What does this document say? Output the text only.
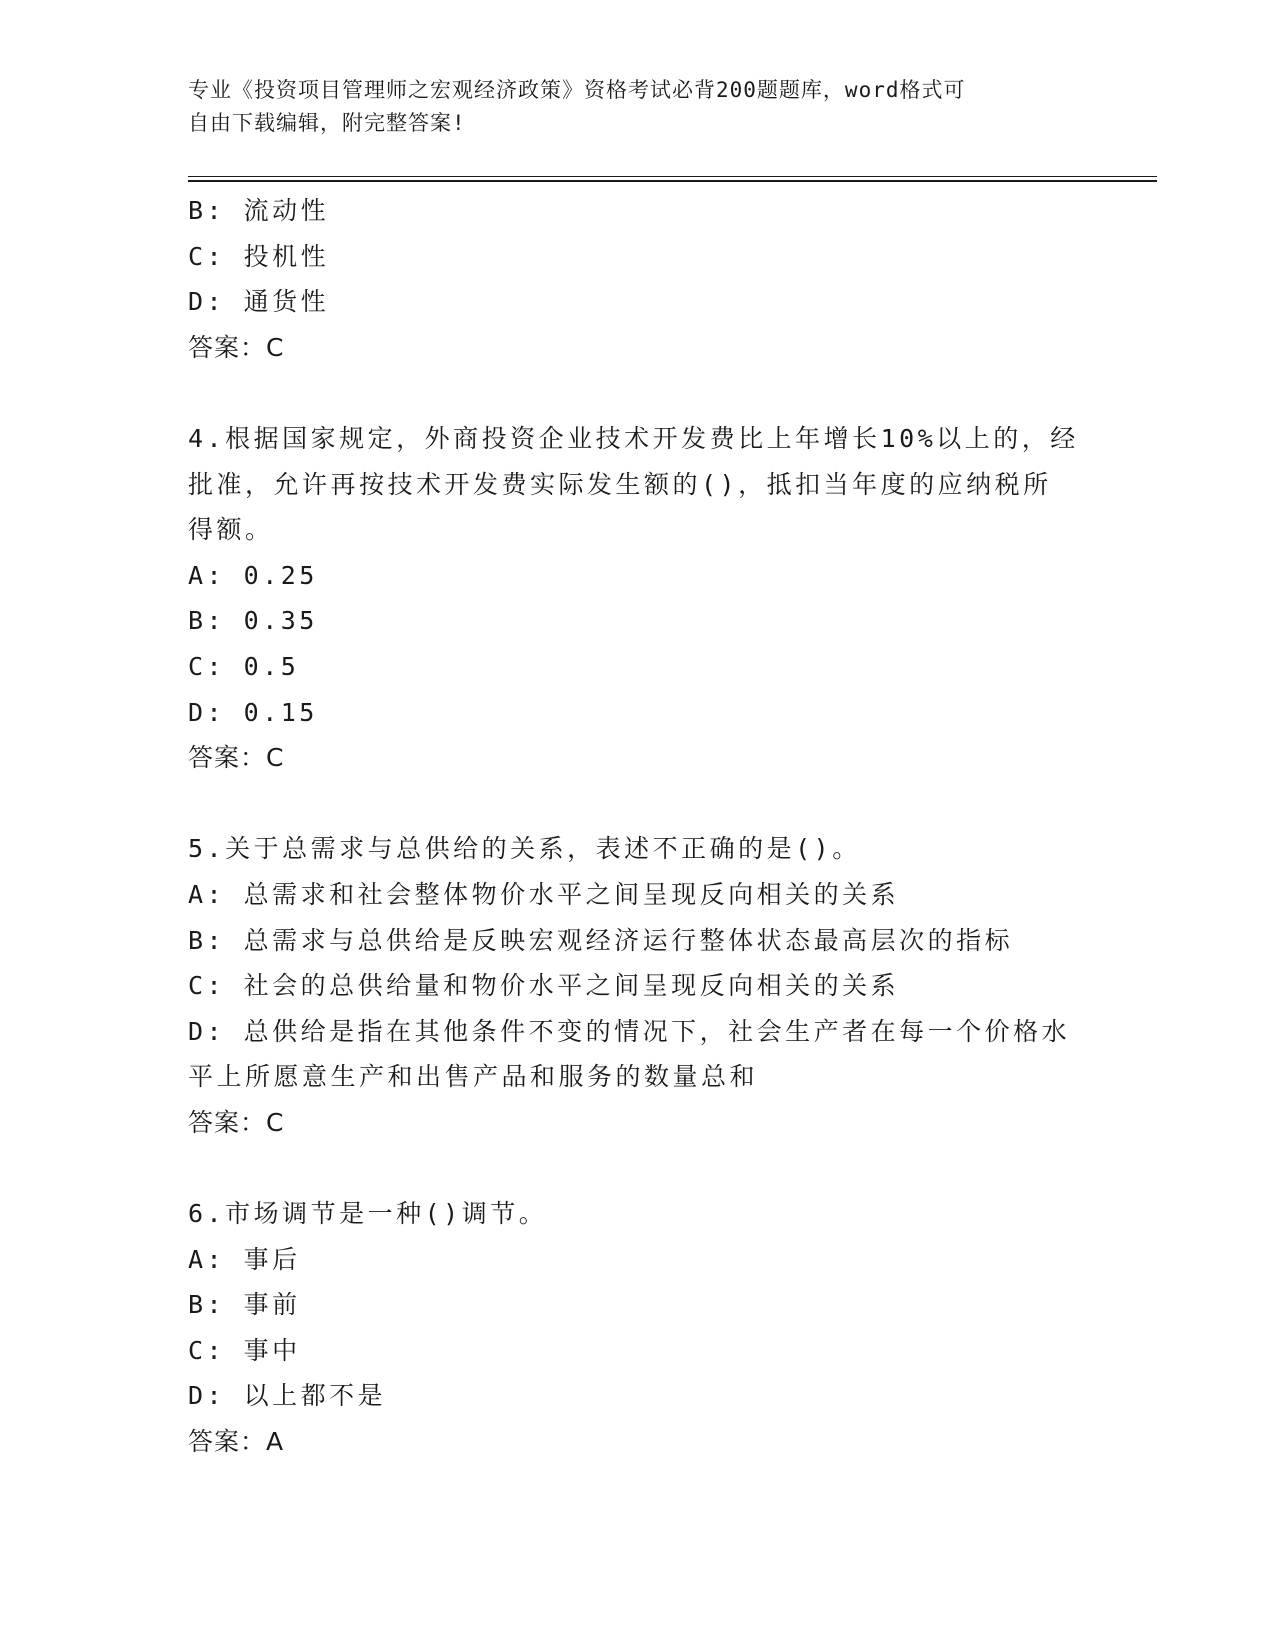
专业《投资项目管理师之宏观经济政策》资格考试必背200题题库，word格式可
自由下载编辑，附完整答案!
B: 流动性
C: 投机性
D: 通货性
答案：C
4.根据国家规定，外商投资企业技术开发费比上年增长10%以上的，经
批准，允许再按技术开发费实际发生额的()，抵扣当年度的应纳税所
得额。
A: 0.25
B: 0.35
C: 0.5
D: 0.15
答案：C
5.关于总需求与总供给的关系，表述不正确的是()。
A: 总需求和社会整体物价水平之间呈现反向相关的关系
B: 总需求与总供给是反映宏观经济运行整体状态最高层次的指标
C: 社会的总供给量和物价水平之间呈现反向相关的关系
D: 总供给是指在其他条件不变的情况下，社会生产者在每一个价格水
平上所愿意生产和出售产品和服务的数量总和
答案：C
6.市场调节是一种()调节。
A: 事后
B: 事前
C: 事中
D: 以上都不是
答案：A
